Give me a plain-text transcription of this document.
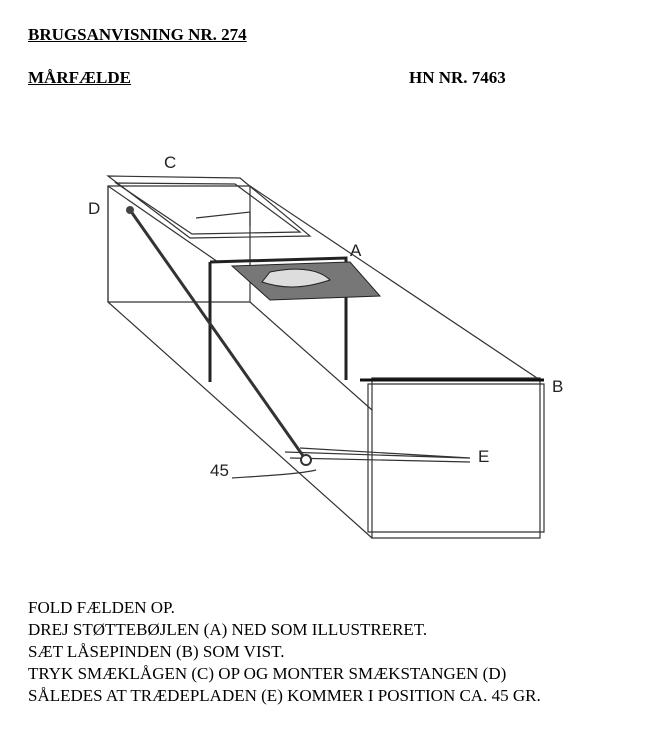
BRUGSANVISNING NR. 274
MÅRFÆLDE	HN NR. 7463
C
D
A
B
E
45
FOLD FÆLDEN OP.
DREJ STØTTEBØJLEN (A) NED SOM ILLUSTRERET.
SÆT LÅSEPINDEN (B) SOM VIST.
TRYK SMÆKLÅGEN (C) OP OG MONTER SMÆKSTANGEN (D)
SÅLEDES AT TRÆDEPLADEN (E) KOMMER I POSITION CA. 45 GR.
